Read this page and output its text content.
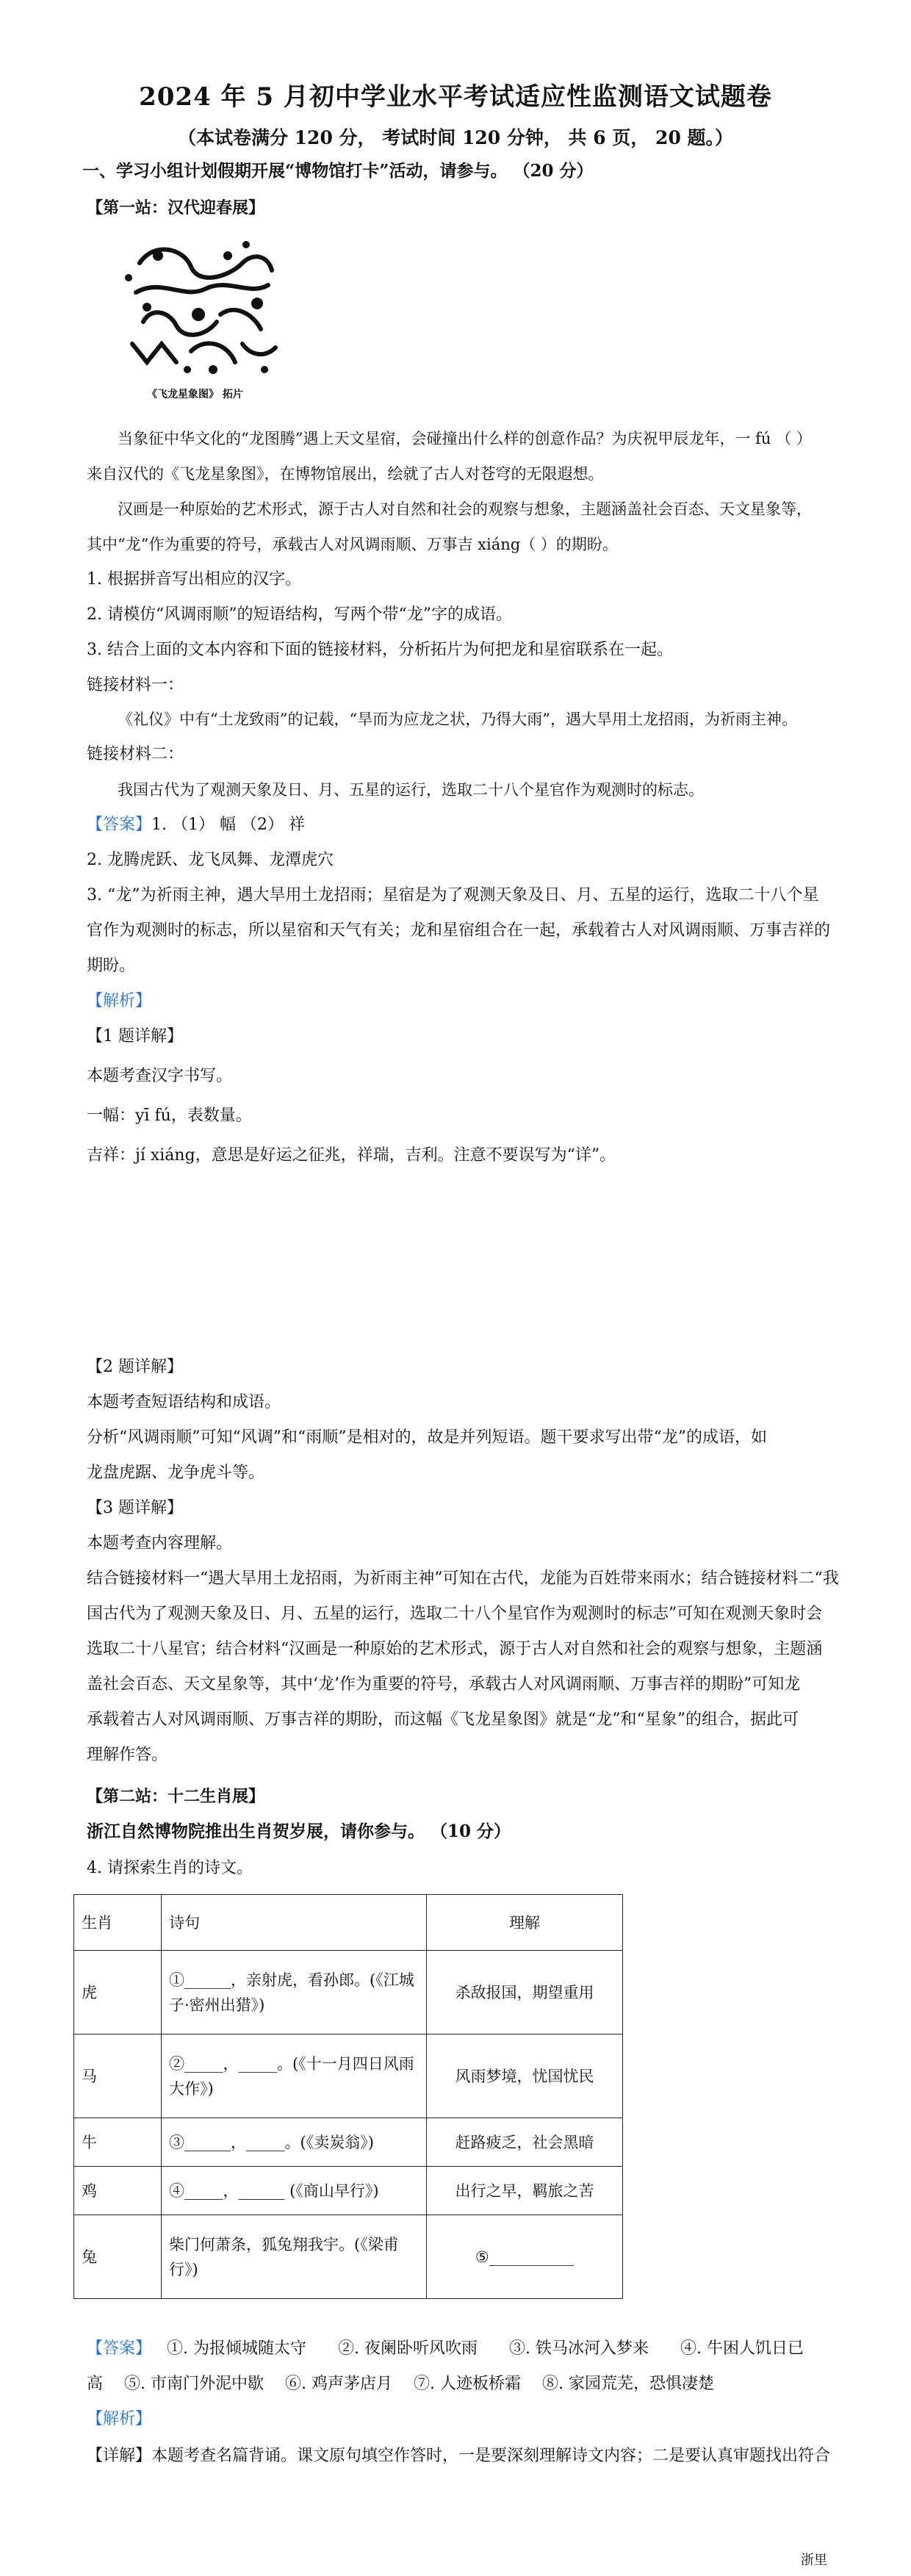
2024 年 5 月初中学业水平考试适应性监测语文试题卷
（本试卷满分 120 分， 考试时间 120 分钟， 共 6 页， 20 题。）
一、学习小组计划假期开展“博物馆打卡”活动，请参与。 （20 分）
【第一站：汉代迎春展】
《飞龙星象图》 拓片
当象征中华文化的“龙图腾”遇上天文星宿，会碰撞出什么样的创意作品？为庆祝甲辰龙年，一 fú （ ）
来自汉代的《飞龙星象图》，在博物馆展出，绘就了古人对苍穹的无限遐想。
汉画是一种原始的艺术形式，源于古人对自然和社会的观察与想象，主题涵盖社会百态、天文星象等，
其中“龙”作为重要的符号，承载古人对风调雨顺、万事吉 xiáng（ ）的期盼。
1. 根据拼音写出相应的汉字。
2. 请模仿“风调雨顺”的短语结构，写两个带“龙”字的成语。
3. 结合上面的文本内容和下面的链接材料，分析拓片为何把龙和星宿联系在一起。
链接材料一：
《礼仪》中有“土龙致雨”的记载，“旱而为应龙之状，乃得大雨”，遇大旱用土龙招雨，为祈雨主神。
链接材料二：
我国古代为了观测天象及日、月、五星的运行，选取二十八个星官作为观测时的标志。
【答案】1. （1） 幅 （2） 祥
2. 龙腾虎跃、龙飞凤舞、龙潭虎穴
3. “龙”为祈雨主神，遇大旱用土龙招雨；星宿是为了观测天象及日、月、五星的运行，选取二十八个星
官作为观测时的标志，所以星宿和天气有关；龙和星宿组合在一起，承载着古人对风调雨顺、万事吉祥的
期盼。
【解析】
【1 题详解】
本题考查汉字书写。
一幅：yī fú，表数量。
吉祥：jí xiáng，意思是好运之征兆，祥瑞，吉利。注意不要误写为“详”。
【2 题详解】
本题考查短语结构和成语。
分析“风调雨顺”可知“风调”和“雨顺”是相对的，故是并列短语。题干要求写出带“龙”的成语，如
龙盘虎踞、龙争虎斗等。
【3 题详解】
本题考查内容理解。
结合链接材料一“遇大旱用土龙招雨，为祈雨主神”可知在古代，龙能为百姓带来雨水；结合链接材料二“我
国古代为了观测天象及日、月、五星的运行，选取二十八个星官作为观测时的标志”可知在观测天象时会
选取二十八星官；结合材料“汉画是一种原始的艺术形式，源于古人对自然和社会的观察与想象，主题涵
盖社会百态、天文星象等，其中‘龙’作为重要的符号，承载古人对风调雨顺、万事吉祥的期盼”可知龙
承载着古人对风调雨顺、万事吉祥的期盼，而这幅《飞龙星象图》就是“龙”和“星象”的组合，据此可
理解作答。
【第二站：十二生肖展】
浙江自然博物院推出生肖贺岁展，请你参与。 （10 分）
4. 请探索生肖的诗文。
生肖	诗句	理解
虎	①______，亲射虎，看孙郎。(《江城子·密州出猎》)	杀敌报国，期望重用
马	②_____，_____。(《十一月四日风雨大作》)	风雨梦境，忧国忧民
牛	③______，_____。(《卖炭翁》)	赶路疲乏，社会黑暗
鸡	④_____，______ (《商山早行》)	出行之早，羁旅之苦
兔	柴门何萧条，狐兔翔我宇。(《梁甫行》)	⑤___________
【答案】 ①. 为报倾城随太守 ②. 夜阑卧听风吹雨 ③. 铁马冰河入梦来 ④. 牛困人饥日已
高 ⑤. 市南门外泥中歇 ⑥. 鸡声茅店月 ⑦. 人迹板桥霜 ⑧. 家园荒芜，恐惧凄楚
【解析】
【详解】本题考查名篇背诵。课文原句填空作答时，一是要深刻理解诗文内容；二是要认真审题找出符合
浙里
